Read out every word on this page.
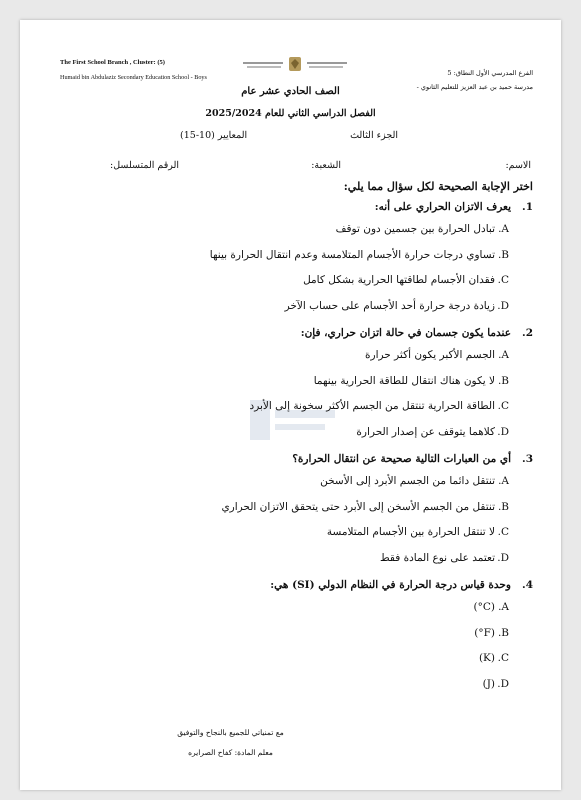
The First School Branch , Cluster: (5)
Humaid bin Abdulaziz Secondary Education School - Boys
الفرع المدرسي الأول النطاق: 5
مدرسة حميد بن عبد العزيز للتعليم الثانوي -
الصف الحادي عشر عام
الفصل الدراسي الثاني للعام 2025/2024
الجزء الثالث
المعايير (10-15)
الاسم:
الشعبة:
الرقم المتسلسل:
اختر الإجابة الصحيحة لكل سؤال مما يلي:
1.يعرف الاتزان الحراري على أنه:
A.تبادل الحرارة بين جسمين دون توقف
B.تساوي درجات حرارة الأجسام المتلامسة وعدم انتقال الحرارة بينها
C.فقدان الأجسام لطاقتها الحرارية بشكل كامل
D.زيادة درجة حرارة أحد الأجسام على حساب الآخر
2.عندما يكون جسمان في حالة اتزان حراري، فإن:
A.الجسم الأكبر يكون أكثر حرارة
B.لا يكون هناك انتقال للطاقة الحرارية بينهما
C.الطاقة الحرارية تنتقل من الجسم الأكثر سخونة إلى الأبرد
D.كلاهما يتوقف عن إصدار الحرارة
3.أي من العبارات التالية صحيحة عن انتقال الحرارة؟
A.تنتقل دائما من الجسم الأبرد إلى الأسخن
B.تنتقل من الجسم الأسخن إلى الأبرد حتى يتحقق الاتزان الحراري
C.لا تنتقل الحرارة بين الأجسام المتلامسة
D.تعتمد على نوع المادة فقط
4.وحدة قياس درجة الحرارة في النظام الدولي (SI) هي:
A.(°C)
B.(°F)
C.(K)
D.(J)
مع تمنياتي للجميع بالنجاح والتوفيق
معلم المادة: كفاح الصرايره
